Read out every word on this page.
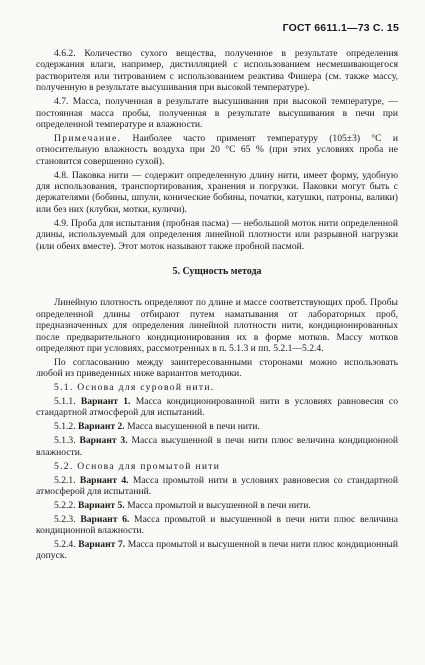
ГОСТ 6611.1—73 С. 15

4.6.2. Количество сухого вещества, полученное в результате определения содержания влаги, например, дистилляцией с использованием несмешивающегося растворителя или титрованием с использованием реактива Фишера (см. также массу, полученную в результате высушивания при высокой температуре).

4.7. Масса, полученная в результате высушивания при высокой температуре, — постоянная масса пробы, полученная в результате высушивания в печи при определенной температуре и влажности.

Примечание. Наиболее часто применят температуру (105±3) °С и относительную влажность воздуха при 20 °С 65 % (при этих условиях проба не становится совершенно сухой).

4.8. Паковка нити — содержит определенную длину нити, имеет форму, удобную для использования, транспортирования, хранения и погрузки. Паковки могут быть с держателями (бобины, шпули, конические бобины, початки, катушки, патроны, валики) или без них (клубки, мотки, куличи).

4.9. Проба для испытания (пробная пасма) — небольшой моток нити определенной длины, используемый для определения линейной плотности или разрывной нагрузки (или обеих вместе). Этот моток называют также пробной пасмой.

5. Сущность метода

Линейную плотность определяют по длине и массе соответствующих проб. Пробы определенной длины отбирают путем наматывания от лабораторных проб, предназначенных для определения линейной плотности нити, кондиционированных после предварительного кондиционирования их в форме мотков. Массу мотков определяют при условиях, рассмотренных в п. 5.1.3 и пп. 5.2.1—5.2.4.

По согласованию между заинтересованными сторонами можно использовать любой из приведенных ниже вариантов методики.

5.1. Основа для суровой нити.

5.1.1. Вариант 1. Масса кондиционированной нити в условиях равновесия со стандартной атмосферой для испытаний.

5.1.2. Вариант 2. Масса высушенной в печи нити.

5.1.3. Вариант 3. Масса высушенной в печи нити плюс величина кондиционной влажности.

5.2. Основа для промытой нити

5.2.1. Вариант 4. Масса промытой нити в условиях равновесия со стандартной атмосферой для испытаний.

5.2.2. Вариант 5. Масса промытой и высушенной в печи нити.

5.2.3. Вариант 6. Масса промытой и высушенной в печи нити плюс величина кондиционной влажности.

5.2.4. Вариант 7. Масса промытой и высушенной в печи нити плюс кондиционный допуск.
